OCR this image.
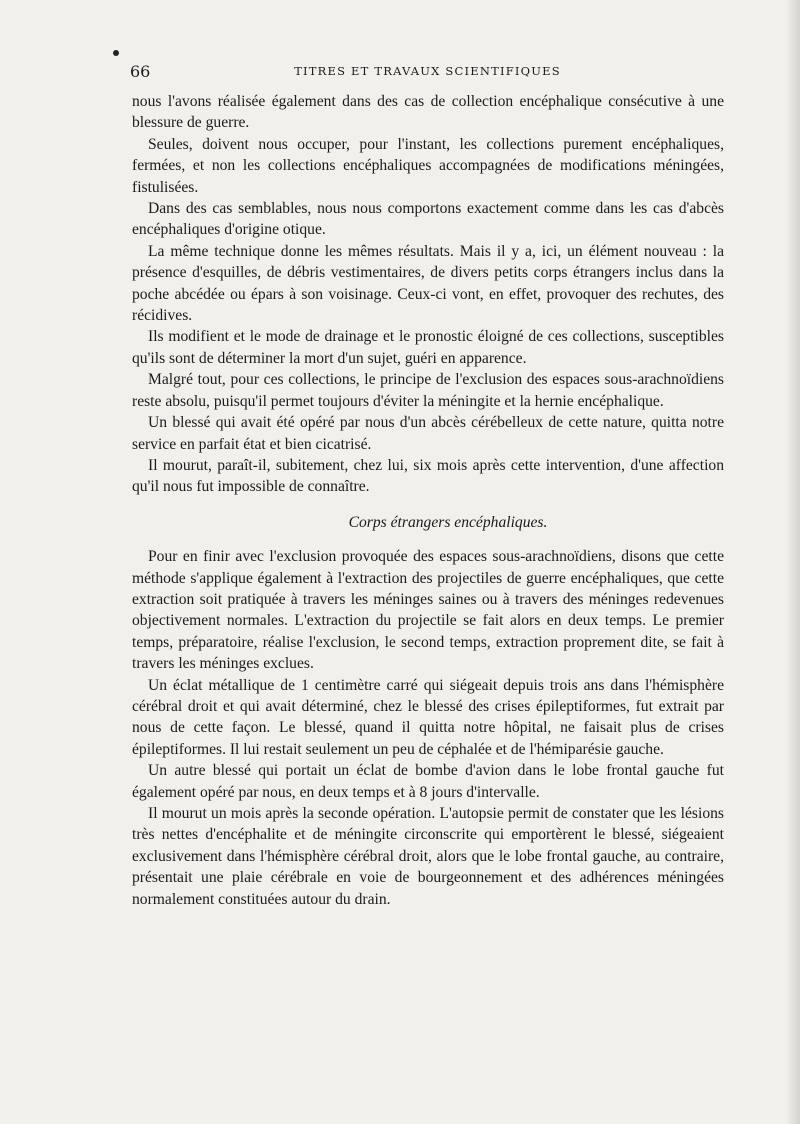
66	TITRES ET TRAVAUX SCIENTIFIQUES

nous l'avons réalisée également dans des cas de collection encéphalique consécutive à une blessure de guerre.

Seules, doivent nous occuper, pour l'instant, les collections purement encéphaliques, fermées, et non les collections encéphaliques accompagnées de modifications méningées, fistulisées.

Dans des cas semblables, nous nous comportons exactement comme dans les cas d'abcès encéphaliques d'origine otique.

La même technique donne les mêmes résultats. Mais il y a, ici, un élément nouveau : la présence d'esquilles, de débris vestimentaires, de divers petits corps étrangers inclus dans la poche abcédée ou épars à son voisinage. Ceux-ci vont, en effet, provoquer des rechutes, des récidives.

Ils modifient et le mode de drainage et le pronostic éloigné de ces collections, susceptibles qu'ils sont de déterminer la mort d'un sujet, guéri en apparence.

Malgré tout, pour ces collections, le principe de l'exclusion des espaces sous-arachnoïdiens reste absolu, puisqu'il permet toujours d'éviter la méningite et la hernie encéphalique.

Un blessé qui avait été opéré par nous d'un abcès cérébelleux de cette nature, quitta notre service en parfait état et bien cicatrisé.

Il mourut, paraît-il, subitement, chez lui, six mois après cette intervention, d'une affection qu'il nous fut impossible de connaître.

Corps étrangers encéphaliques.

Pour en finir avec l'exclusion provoquée des espaces sous-arachnoïdiens, disons que cette méthode s'applique également à l'extraction des projectiles de guerre encéphaliques, que cette extraction soit pratiquée à travers les méninges saines ou à travers des méninges redevenues objectivement normales. L'extraction du projectile se fait alors en deux temps. Le premier temps, préparatoire, réalise l'exclusion, le second temps, extraction proprement dite, se fait à travers les méninges exclues.

Un éclat métallique de 1 centimètre carré qui siégeait depuis trois ans dans l'hémisphère cérébral droit et qui avait déterminé, chez le blessé des crises épileptiformes, fut extrait par nous de cette façon. Le blessé, quand il quitta notre hôpital, ne faisait plus de crises épileptiformes. Il lui restait seulement un peu de céphalée et de l'hémiparésie gauche.

Un autre blessé qui portait un éclat de bombe d'avion dans le lobe frontal gauche fut également opéré par nous, en deux temps et à 8 jours d'intervalle.

Il mourut un mois après la seconde opération. L'autopsie permit de constater que les lésions très nettes d'encéphalite et de méningite circonscrite qui emportèrent le blessé, siégeaient exclusivement dans l'hémisphère cérébral droit, alors que le lobe frontal gauche, au contraire, présentait une plaie cérébrale en voie de bourgeonnement et des adhérences méningées normalement constituées autour du drain.
